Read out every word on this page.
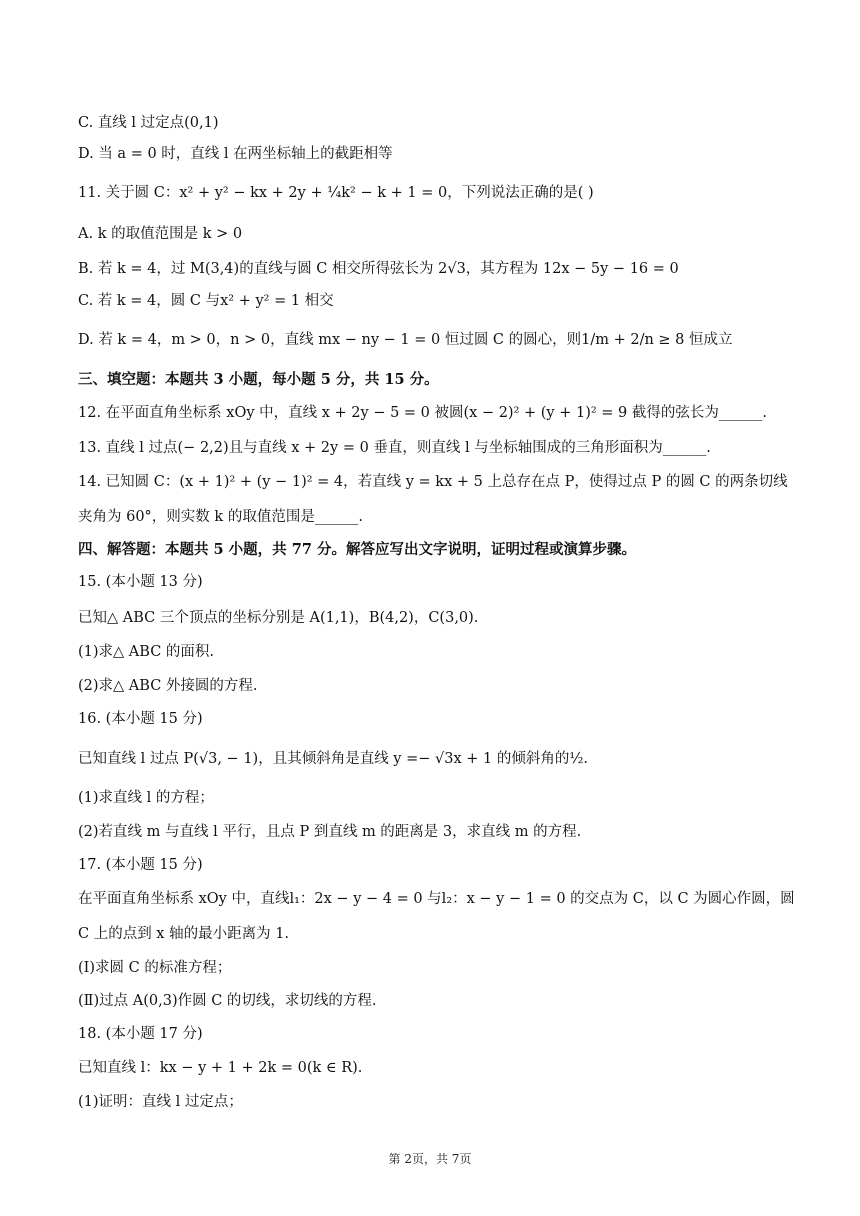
C. 直线 l 过定点(0,1)
D. 当 a = 0 时，直线 l 在两坐标轴上的截距相等
11. 关于圆 C：x² + y² − kx + 2y + ¼k² − k + 1 = 0，下列说法正确的是( )
A. k 的取值范围是 k > 0
B. 若 k = 4，过 M(3,4)的直线与圆 C 相交所得弦长为 2√3，其方程为 12x − 5y − 16 = 0
C. 若 k = 4，圆 C 与x² + y² = 1 相交
D. 若 k = 4，m > 0，n > 0，直线 mx − ny − 1 = 0 恒过圆 C 的圆心，则1/m + 2/n ≥ 8 恒成立
三、填空题：本题共 3 小题，每小题 5 分，共 15 分。
12. 在平面直角坐标系 xOy 中，直线 x + 2y − 5 = 0 被圆(x − 2)² + (y + 1)² = 9 截得的弦长为______.
13. 直线 l 过点(− 2,2)且与直线 x + 2y = 0 垂直，则直线 l 与坐标轴围成的三角形面积为______.
14. 已知圆 C：(x + 1)² + (y − 1)² = 4，若直线 y = kx + 5 上总存在点 P，使得过点 P 的圆 C 的两条切线
夹角为 60°，则实数 k 的取值范围是______.
四、解答题：本题共 5 小题，共 77 分。解答应写出文字说明，证明过程或演算步骤。
15. (本小题 13 分)
已知△ ABC 三个顶点的坐标分别是 A(1,1)，B(4,2)，C(3,0).
(1)求△ ABC 的面积.
(2)求△ ABC 外接圆的方程.
16. (本小题 15 分)
已知直线 l 过点 P(√3, − 1)，且其倾斜角是直线 y =− √3x + 1 的倾斜角的½.
(1)求直线 l 的方程；
(2)若直线 m 与直线 l 平行，且点 P 到直线 m 的距离是 3，求直线 m 的方程.
17. (本小题 15 分)
在平面直角坐标系 xOy 中，直线l₁：2x − y − 4 = 0 与l₂：x − y − 1 = 0 的交点为 C，以 C 为圆心作圆，圆
C 上的点到 x 轴的最小距离为 1.
(Ⅰ)求圆 C 的标准方程；
(Ⅱ)过点 A(0,3)作圆 C 的切线，求切线的方程.
18. (本小题 17 分)
已知直线 l：kx − y + 1 + 2k = 0(k ∈ R).
(1)证明：直线 l 过定点；
第 2页，共 7页
